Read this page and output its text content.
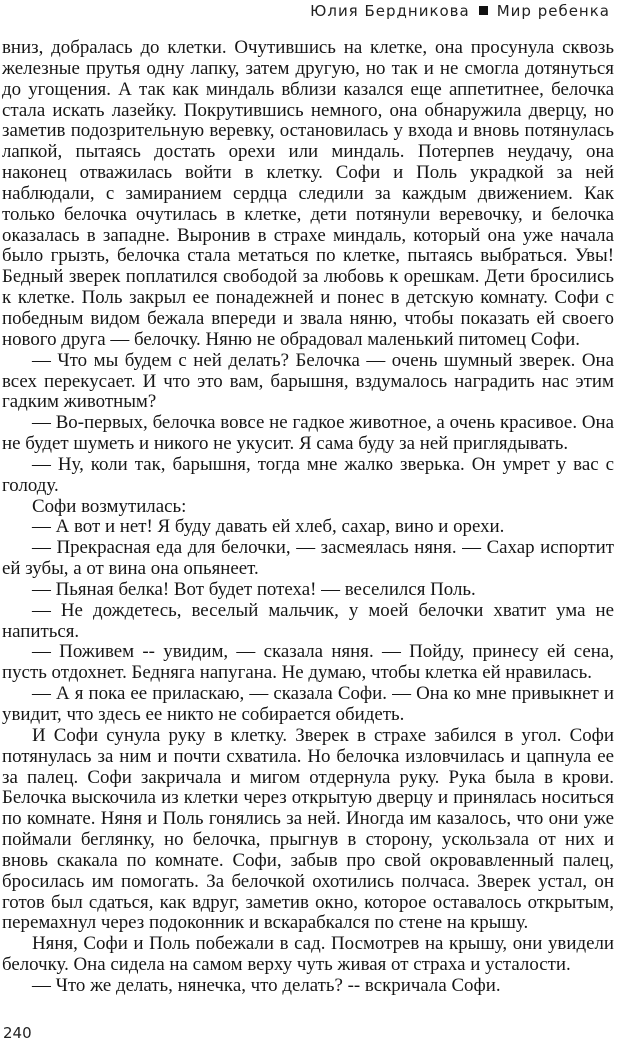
Юлия Бердникова Мир ребенка

вниз, добралась до клетки. Очутившись на клетке, она просунула сквозь железные прутья одну лапку, затем другую, но так и не смогла дотянуться до угощения. А так как миндаль вблизи казался еще аппетитнее, белочка стала искать лазейку. Покрутившись немного, она обнаружила дверцу, но заметив подозрительную веревку, остановилась у входа и вновь потянулась лапкой, пытаясь достать орехи или миндаль. Потерпев неудачу, она наконец отважилась войти в клетку. Софи и Поль украдкой за ней наблюдали, с замиранием сердца следили за каждым движением. Как только белочка очутилась в клетке, дети потянули веревочку, и белочка оказалась в западне. Выронив в страхе миндаль, который она уже начала было грызть, белочка стала метаться по клетке, пытаясь выбраться. Увы! Бедный зверек поплатился свободой за любовь к орешкам. Дети бросились к клетке. Поль закрыл ее понадежней и понес в детскую комнату. Софи с победным видом бежала впереди и звала няню, чтобы показать ей своего нового друга — белочку. Няню не обрадовал маленький питомец Софи.

— Что мы будем с ней делать? Белочка — очень шумный зверек. Она всех перекусает. И что это вам, барышня, вздумалось наградить нас этим гадким животным?

— Во-первых, белочка вовсе не гадкое животное, а очень красивое. Она не будет шуметь и никого не укусит. Я сама буду за ней приглядывать.

— Ну, коли так, барышня, тогда мне жалко зверька. Он умрет у вас с голоду.

Софи возмутилась:

— А вот и нет! Я буду давать ей хлеб, сахар, вино и орехи.

— Прекрасная еда для белочки, — засмеялась няня. — Сахар испортит ей зубы, а от вина она опьянеет.

— Пьяная белка! Вот будет потеха! — веселился Поль.

— Не дождетесь, веселый мальчик, у моей белочки хватит ума не напиться.

— Поживем -- увидим, — сказала няня. — Пойду, принесу ей сена, пусть отдохнет. Бедняга напугана. Не думаю, чтобы клетка ей нравилась.

— А я пока ее приласкаю, — сказала Софи. — Она ко мне привыкнет и увидит, что здесь ее никто не собирается обидеть.

И Софи сунула руку в клетку. Зверек в страхе забился в угол. Софи потянулась за ним и почти схватила. Но белочка изловчилась и цапнула ее за палец. Софи закричала и мигом отдернула руку. Рука была в крови. Белочка выскочила из клетки через открытую дверцу и принялась носиться по комнате. Няня и Поль гонялись за ней. Иногда им казалось, что они уже поймали беглянку, но белочка, прыгнув в сторону, ускользала от них и вновь скакала по комнате. Софи, забыв про свой окровавленный палец, бросилась им помогать. За белочкой охотились полчаса. Зверек устал, он готов был сдаться, как вдруг, заметив окно, которое оставалось открытым, перемахнул через подоконник и вскарабкался по стене на крышу.

Няня, Софи и Поль побежали в сад. Посмотрев на крышу, они увидели белочку. Она сидела на самом верху чуть живая от страха и усталости.

— Что же делать, нянечка, что делать? -- вскричала Софи.

240
